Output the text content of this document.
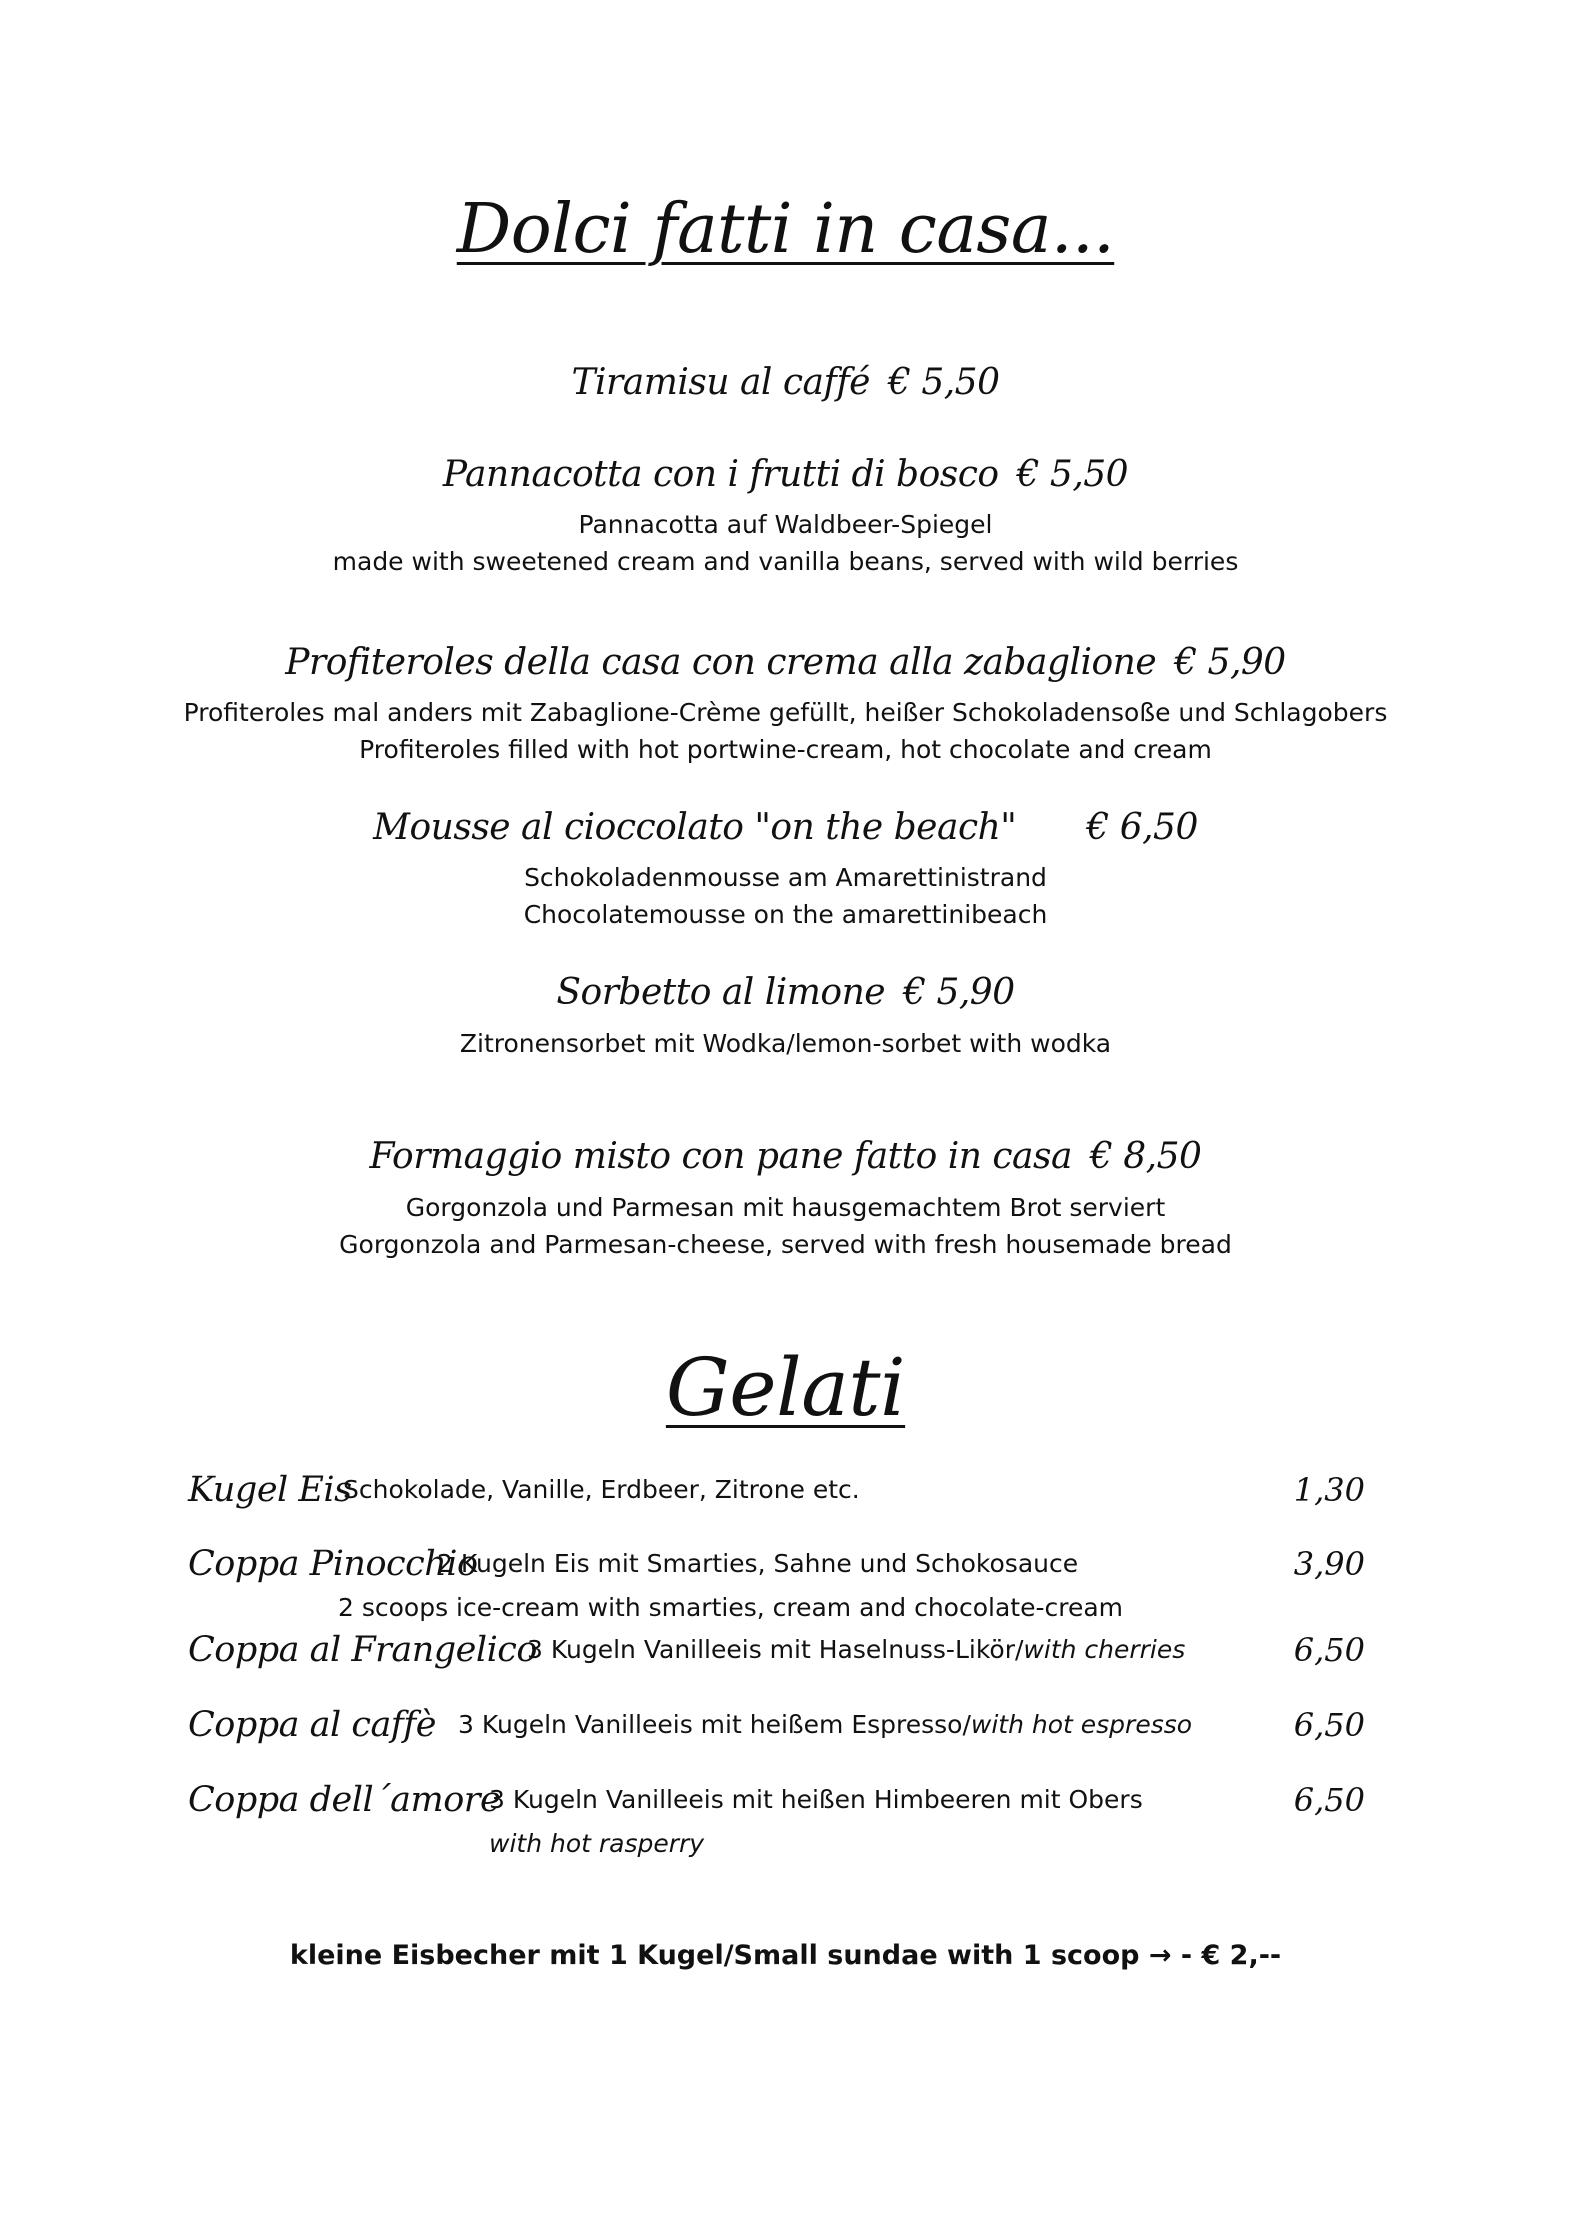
Dolci fatti in casa...
Tiramisu al caffé € 5,50
Pannacotta con i frutti di bosco € 5,50
Pannacotta auf Waldbeer-Spiegel
made with sweetened cream and vanilla beans, served with wild berries
Profiteroles della casa con crema alla zabaglione € 5,90
Profiteroles mal anders mit Zabaglione-Crème gefüllt, heißer Schokoladensoße und Schlagobers
Profiteroles filled with hot portwine-cream, hot chocolate and cream
Mousse al cioccolato "on the beach" € 6,50
Schokoladenmousse am Amarettinistrand
Chocolatemousse on the amarettinibeach
Sorbetto al limone € 5,90
Zitronensorbet mit Wodka/lemon-sorbet with wodka
Formaggio misto con pane fatto in casa € 8,50
Gorgonzola und Parmesan mit hausgemachtem Brot serviert
Gorgonzola and Parmesan-cheese, served with fresh housemade bread
Gelati
Kugel Eis
Schokolade, Vanille, Erdbeer, Zitrone etc.	1,30
Coppa Pinocchio
2 Kugeln Eis mit Smarties, Sahne und Schokosauce	3,90
2 scoops ice-cream with smarties, cream and chocolate-cream
Coppa al Frangelico
3 Kugeln Vanilleeis mit Haselnuss-Likör/with cherries	6,50
Coppa al caffè 3 Kugeln Vanilleeis mit heißem Espresso/with hot espresso	6,50
Coppa dell´amore
3 Kugeln Vanilleeis mit heißen Himbeeren mit Obers	6,50
with hot rasperry
kleine Eisbecher mit 1 Kugel/Small sundae with 1 scoop → - € 2,--
